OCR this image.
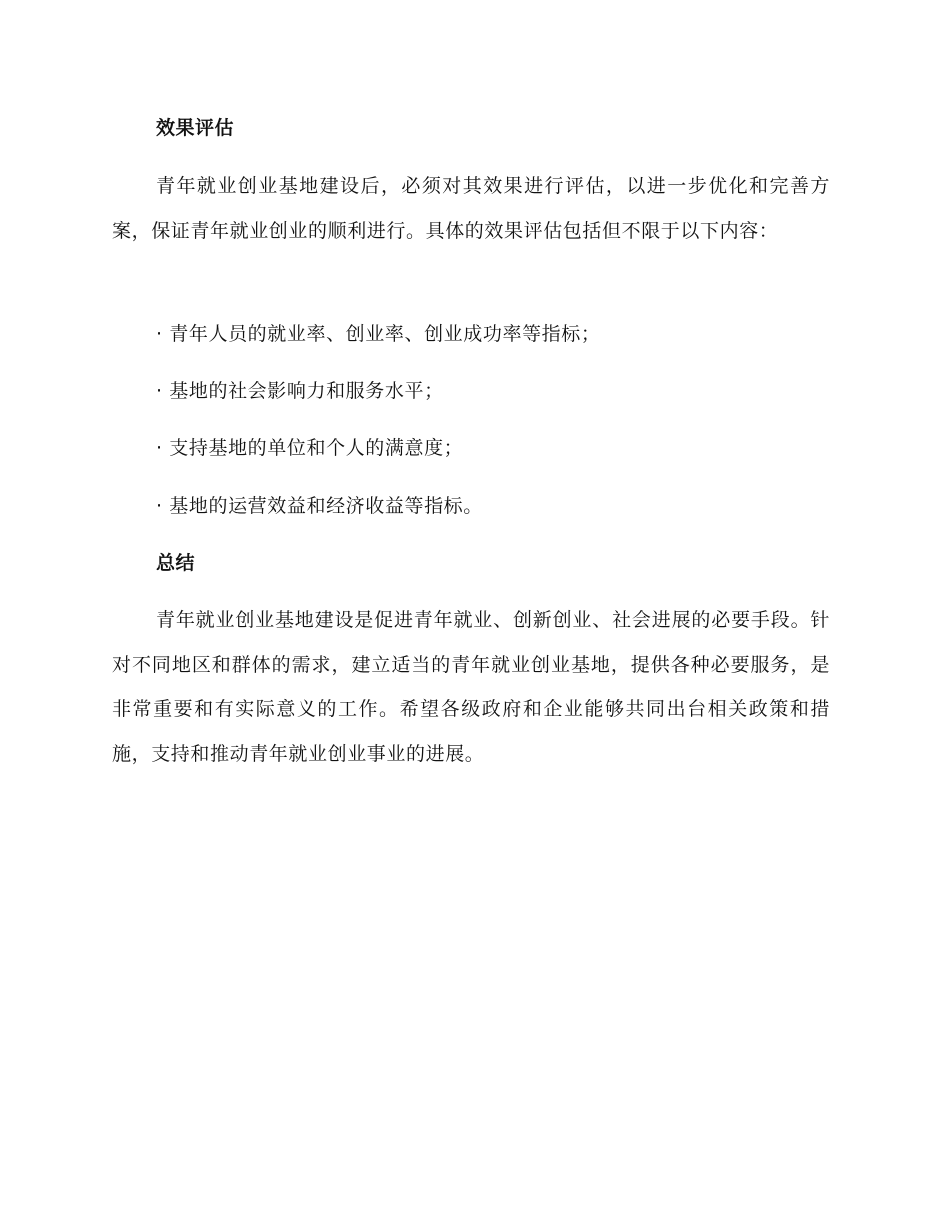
效果评估
青年就业创业基地建设后，必须对其效果进行评估，以进一步优化和完善方案，保证青年就业创业的顺利进行。具体的效果评估包括但不限于以下内容：
· 青年人员的就业率、创业率、创业成功率等指标；
· 基地的社会影响力和服务水平；
· 支持基地的单位和个人的满意度；
· 基地的运营效益和经济收益等指标。
总结
青年就业创业基地建设是促进青年就业、创新创业、社会进展的必要手段。针对不同地区和群体的需求，建立适当的青年就业创业基地，提供各种必要服务，是非常重要和有实际意义的工作。希望各级政府和企业能够共同出台相关政策和措施，支持和推动青年就业创业事业的进展。
